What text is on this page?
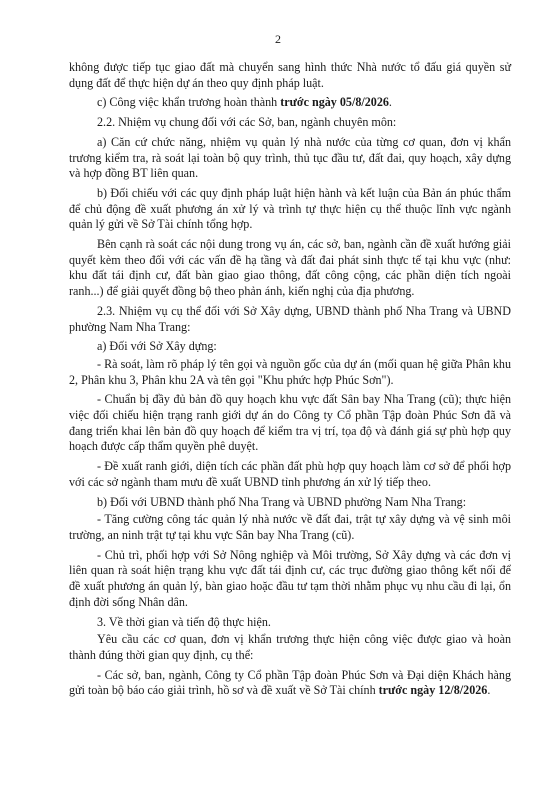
2

không được tiếp tục giao đất mà chuyển sang hình thức Nhà nước tổ đấu giá quyền sử dụng đất để thực hiện dự án theo quy định pháp luật.

c) Công việc khẩn trương hoàn thành trước ngày 05/8/2026.

2.2. Nhiệm vụ chung đối với các Sở, ban, ngành chuyên môn:

a) Căn cứ chức năng, nhiệm vụ quản lý nhà nước của từng cơ quan, đơn vị khẩn trương kiểm tra, rà soát lại toàn bộ quy trình, thủ tục đầu tư, đất đai, quy hoạch, xây dựng và hợp đồng BT liên quan.

b) Đối chiếu với các quy định pháp luật hiện hành và kết luận của Bản án phúc thẩm để chủ động đề xuất phương án xử lý và trình tự thực hiện cụ thể thuộc lĩnh vực ngành quản lý gửi về Sở Tài chính tổng hợp.

Bên cạnh rà soát các nội dung trong vụ án, các sở, ban, ngành cần đề xuất hướng giải quyết kèm theo đối với các vấn đề hạ tầng và đất đai phát sinh thực tế tại khu vực (như: khu đất tái định cư, đất bàn giao giao thông, đất công cộng, các phần diện tích ngoài ranh...) để giải quyết đồng bộ theo phản ánh, kiến nghị của địa phương.

2.3. Nhiệm vụ cụ thể đối với Sở Xây dựng, UBND thành phố Nha Trang và UBND phường Nam Nha Trang:

a) Đối với Sở Xây dựng:

- Rà soát, làm rõ pháp lý tên gọi và nguồn gốc của dự án (mối quan hệ giữa Phân khu 2, Phân khu 3, Phân khu 2A và tên gọi "Khu phức hợp Phúc Sơn").

- Chuẩn bị đầy đủ bản đồ quy hoạch khu vực đất Sân bay Nha Trang (cũ); thực hiện việc đối chiếu hiện trạng ranh giới dự án do Công ty Cổ phần Tập đoàn Phúc Sơn đã và đang triển khai lên bản đồ quy hoạch để kiểm tra vị trí, tọa độ và đánh giá sự phù hợp quy hoạch được cấp thẩm quyền phê duyệt.

- Đề xuất ranh giới, diện tích các phần đất phù hợp quy hoạch làm cơ sở để phối hợp với các sở ngành tham mưu đề xuất UBND tỉnh phương án xử lý tiếp theo.

b) Đối với UBND thành phố Nha Trang và UBND phường Nam Nha Trang:

- Tăng cường công tác quản lý nhà nước về đất đai, trật tự xây dựng và vệ sinh môi trường, an ninh trật tự tại khu vực Sân bay Nha Trang (cũ).

- Chủ trì, phối hợp với Sở Nông nghiệp và Môi trường, Sở Xây dựng và các đơn vị liên quan rà soát hiện trạng khu vực đất tái định cư, các trục đường giao thông kết nối để đề xuất phương án quản lý, bàn giao hoặc đầu tư tạm thời nhằm phục vụ nhu cầu đi lại, ổn định đời sống Nhân dân.

3. Về thời gian và tiến độ thực hiện.

Yêu cầu các cơ quan, đơn vị khẩn trương thực hiện công việc được giao và hoàn thành đúng thời gian quy định, cụ thể:

- Các sở, ban, ngành, Công ty Cổ phần Tập đoàn Phúc Sơn và Đại diện Khách hàng gửi toàn bộ báo cáo giải trình, hồ sơ và đề xuất về Sở Tài chính trước ngày 12/8/2026.
